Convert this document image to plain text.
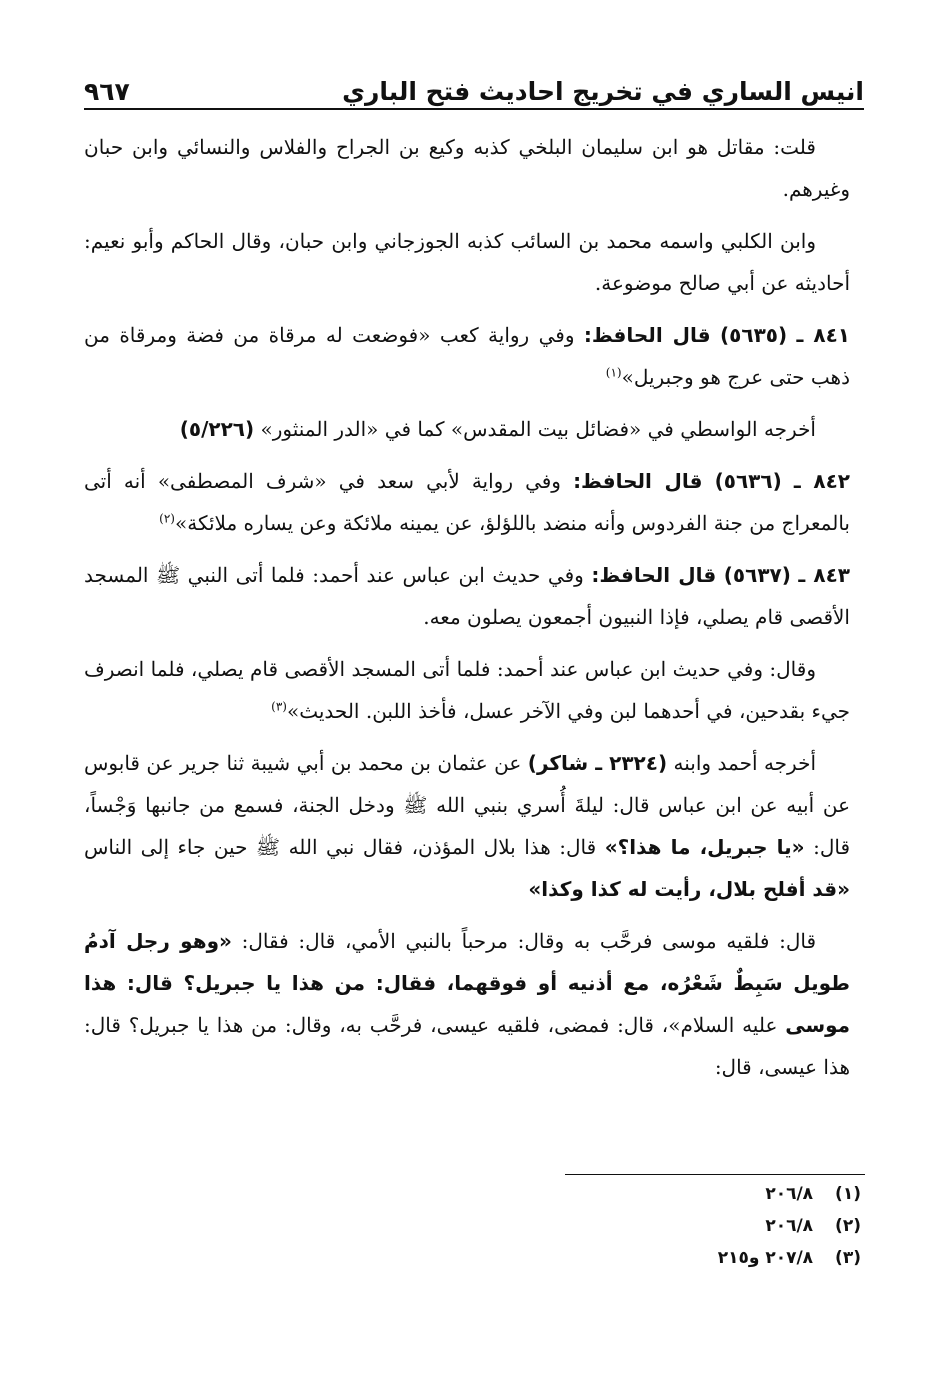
انيس الساري في تخريج احاديث فتح الباري
٩٦٧

قلت: مقاتل هو ابن سليمان البلخي كذبه وكيع بن الجراح والفلاس والنسائي وابن حبان وغيرهم.

وابن الكلبي واسمه محمد بن السائب كذبه الجوزجاني وابن حبان، وقال الحاكم وأبو نعيم: أحاديثه عن أبي صالح موضوعة.

٨٤١ ـ (٥٦٣٥) قال الحافظ: وفي رواية كعب «فوضعت له مرقاة من فضة ومرقاة من ذهب حتى عرج هو وجبريل»$^{(١)}$

أخرجه الواسطي في «فضائل بيت المقدس» كما في «الدر المنثور» (٥/٢٢٦)

٨٤٢ ـ (٥٦٣٦) قال الحافظ: وفي رواية لأبي سعد في «شرف المصطفى» أنه أتى بالمعراج من جنة الفردوس وأنه منضد باللؤلؤ، عن يمينه ملائكة وعن يساره ملائكة»$^{(٢)}$

٨٤٣ ـ (٥٦٣٧) قال الحافظ: وفي حديث ابن عباس عند أحمد: فلما أتى النبي ﷺ المسجد الأقصى قام يصلي، فإذا النبيون أجمعون يصلون معه.

وقال: وفي حديث ابن عباس عند أحمد: فلما أتى المسجد الأقصى قام يصلي، فلما انصرف جيء بقدحين، في أحدهما لبن وفي الآخر عسل، فأخذ اللبن. الحديث»$^{(٣)}$

أخرجه أحمد وابنه (٢٣٢٤ ـ شاكر) عن عثمان بن محمد بن أبي شيبة ثنا جرير عن قابوس عن أبيه عن ابن عباس قال: ليلةَ أُسري بنبي الله ﷺ ودخل الجنة، فسمع من جانبها وَجْساً، قال: «يا جبريل، ما هذا؟» قال: هذا بلال المؤذن، فقال نبي الله ﷺ حين جاء إلى الناس «قد أفلح بلال، رأيت له كذا وكذا»

قال: فلقيه موسى فرحَّب به وقال: مرحباً بالنبي الأمي، قال: فقال: «وهو رجل آدمُ طويل سَبِطٌ شَعْرُه، مع أذنيه أو فوقهما، فقال: من هذا يا جبريل؟ قال: هذا موسى عليه السلام»، قال: فمضى، فلقيه عيسى، فرحَّب به، وقال: من هذا يا جبريل؟ قال: هذا عيسى، قال:

(١)
٢٠٦/٨
(٢)
٢٠٦/٨
(٣)
٢٠٧/٨ و٢١٥
